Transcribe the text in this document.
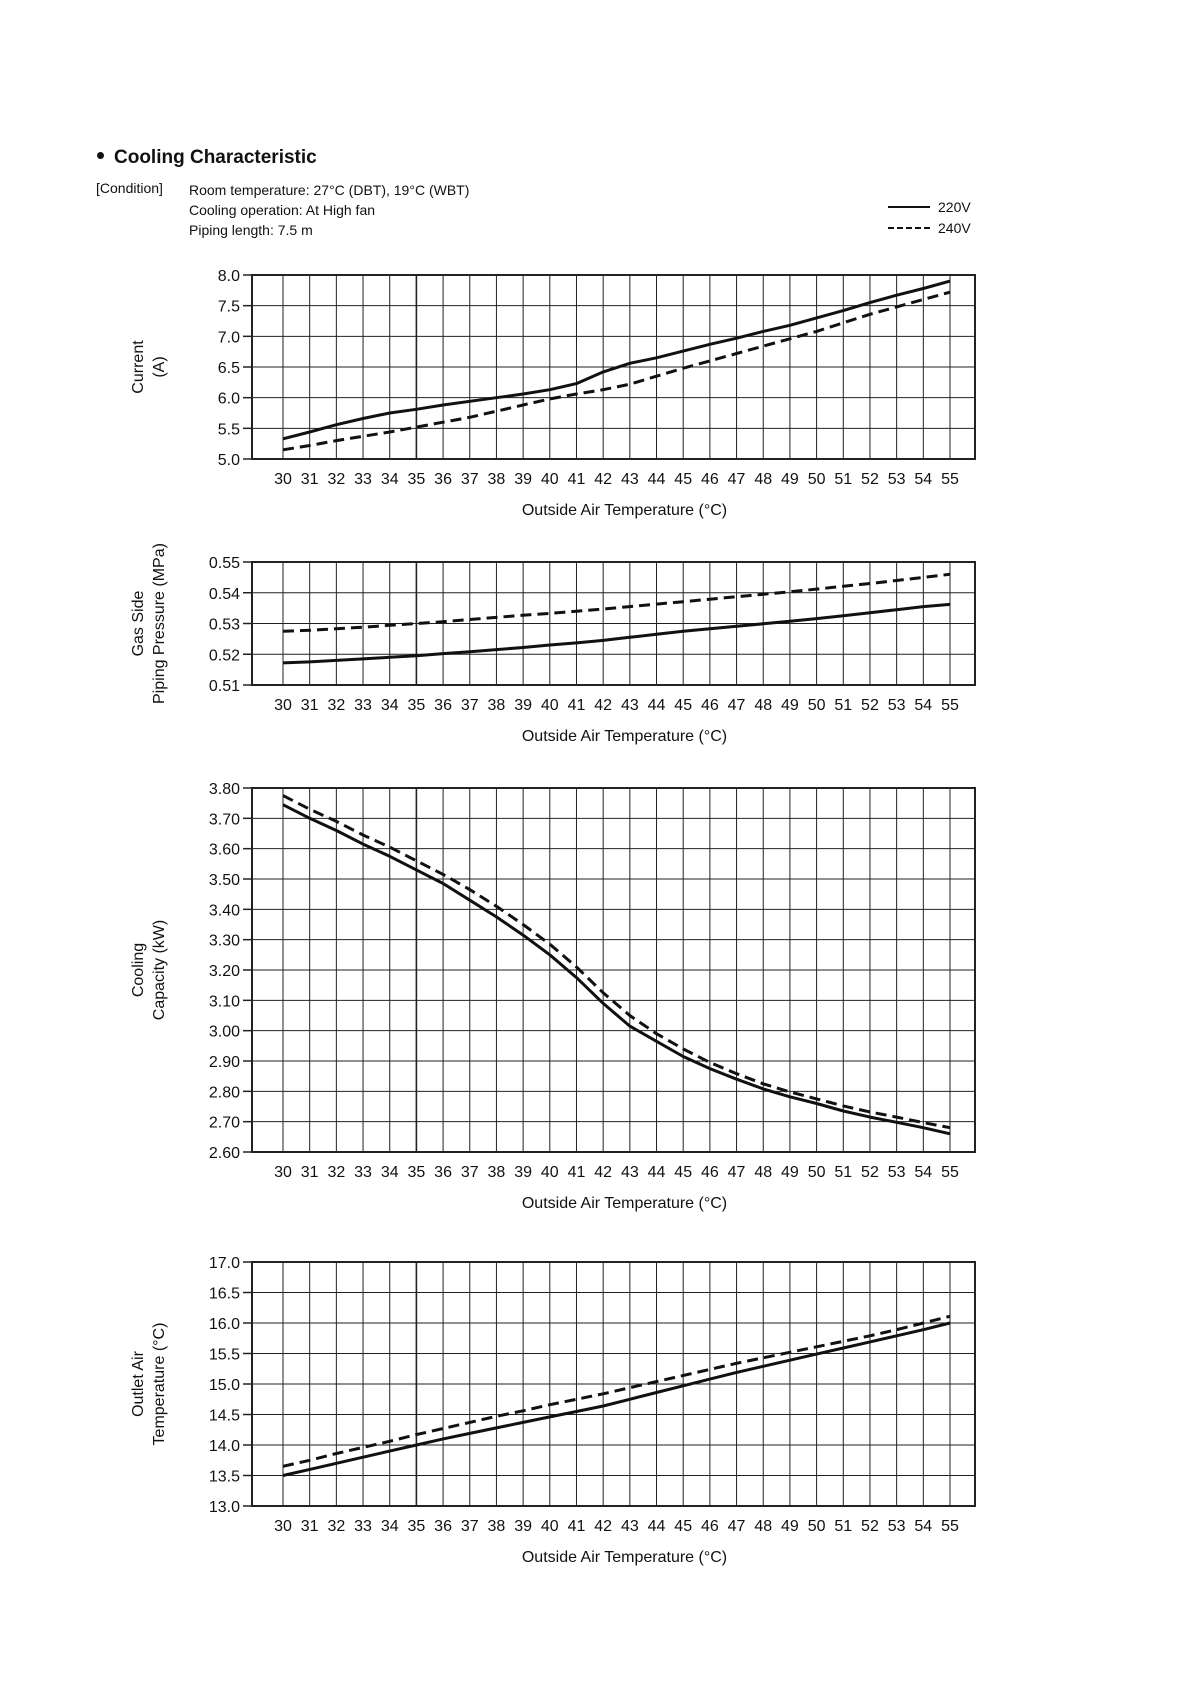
Cooling Characteristic
[Condition] Room temperature: 27°C (DBT), 19°C (WBT)
Cooling operation: At High fan
Piping length: 7.5 m
220V
240V
30 31 32 33 34 35 36 37 38 39 40 41 42 43 44 45 46 47 48 49 50 51 52 53 54 55
5.0
5.5
6.0
6.5
7.0
7.5
8.0
Outside Air Temperature (°C)
Current (A)
30 31 32 33 34 35 36 37 38 39 40 41 42 43 44 45 46 47 48 49 50 51 52 53 54 55
0.51
0.52
0.53
0.54
0.55
Outside Air Temperature (°C)
Gas Side Piping Pressure (MPa)
30 31 32 33 34 35 36 37 38 39 40 41 42 43 44 45 46 47 48 49 50 51 52 53 54 55
2.60
2.70
2.80
2.90
3.00
3.10
3.20
3.30
3.40
3.50
3.60
3.70
3.80
Outside Air Temperature (°C)
Cooling Capacity (kW)
30 31 32 33 34 35 36 37 38 39 40 41 42 43 44 45 46 47 48 49 50 51 52 53 54 55
13.0
13.5
14.0
14.5
15.0
15.5
16.0
16.5
17.0
Outside Air Temperature (°C)
Outlet Air Temperature (°C)
